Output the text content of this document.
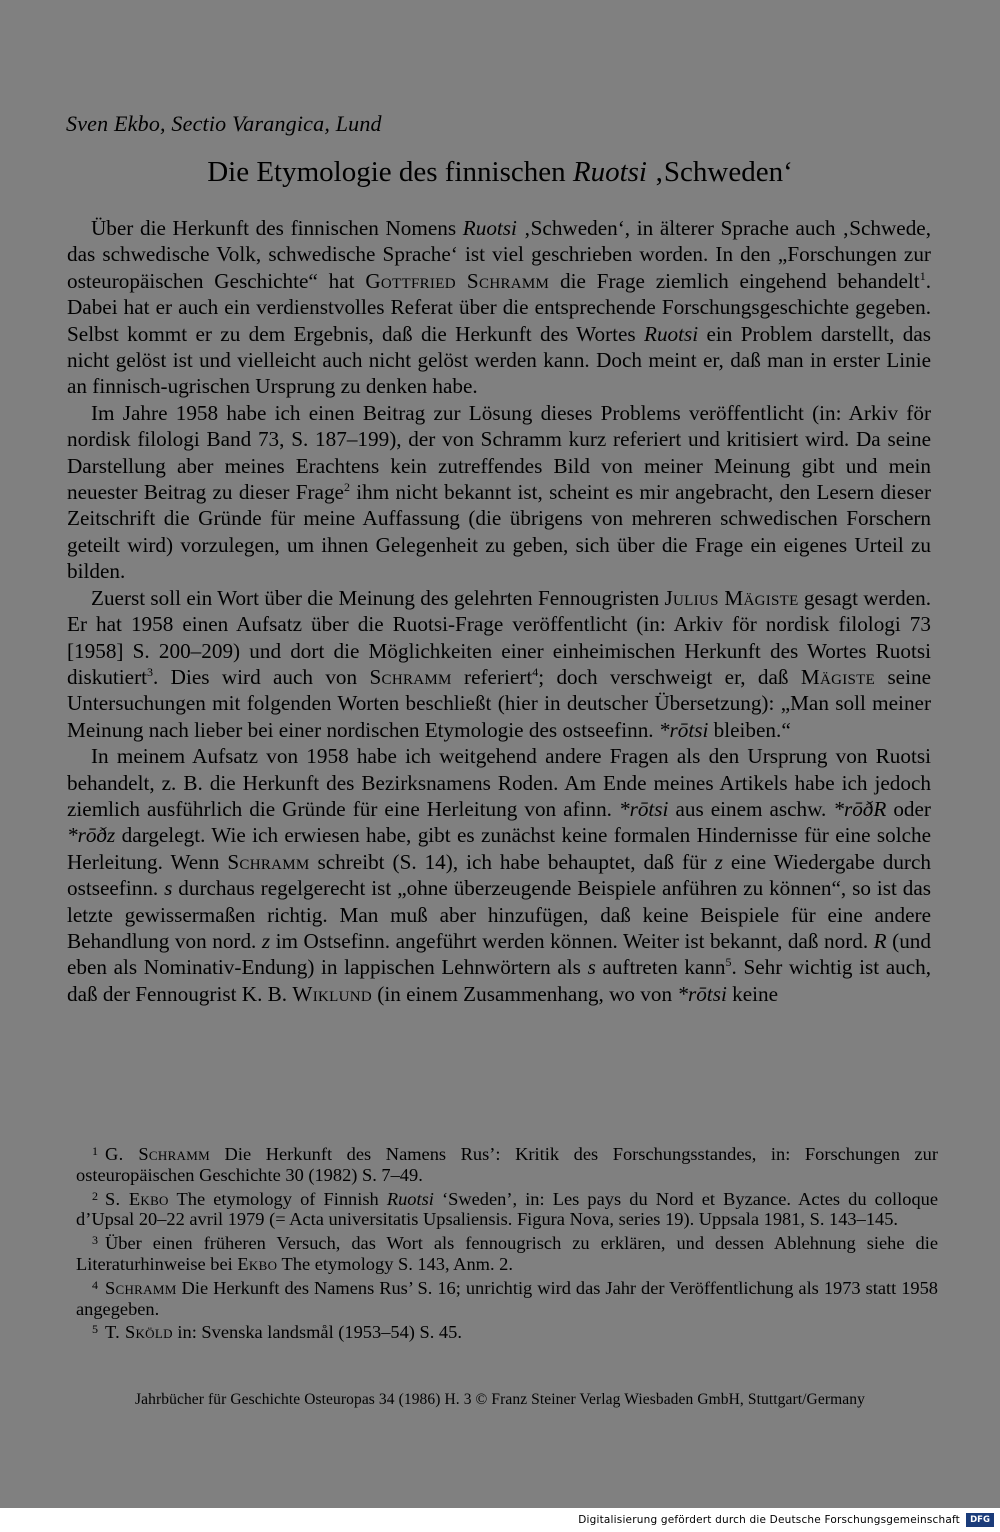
Sven Ekbo, Sectio Varangica, Lund
Die Etymologie des finnischen Ruotsi ‚Schweden‘

Über die Herkunft des finnischen Nomens Ruotsi ‚Schweden‘, in älterer Sprache auch ‚Schwede, das schwedische Volk, schwedische Sprache‘ ist viel geschrieben worden. In den „Forschungen zur osteuropäischen Geschichte“ hat Gottfried Schramm die Frage ziemlich eingehend behandelt$^1$. Dabei hat er auch ein verdienstvolles Referat über die entsprechende Forschungsgeschichte gegeben. Selbst kommt er zu dem Ergebnis, daß die Herkunft des Wortes Ruotsi ein Problem darstellt, das nicht gelöst ist und vielleicht auch nicht gelöst werden kann. Doch meint er, daß man in erster Linie an finnisch-ugrischen Ursprung zu denken habe.

Im Jahre 1958 habe ich einen Beitrag zur Lösung dieses Problems veröffentlicht (in: Arkiv för nordisk filologi Band 73, S. 187–199), der von Schramm kurz referiert und kritisiert wird. Da seine Darstellung aber meines Erachtens kein zutreffendes Bild von meiner Meinung gibt und mein neuester Beitrag zu dieser Frage$^2$ ihm nicht bekannt ist, scheint es mir angebracht, den Lesern dieser Zeitschrift die Gründe für meine Auffassung (die übrigens von mehreren schwedischen Forschern geteilt wird) vorzulegen, um ihnen Gelegenheit zu geben, sich über die Frage ein eigenes Urteil zu bilden.

Zuerst soll ein Wort über die Meinung des gelehrten Fennougristen Julius Mägiste gesagt werden. Er hat 1958 einen Aufsatz über die Ruotsi-Frage veröffentlicht (in: Arkiv för nordisk filologi 73 [1958] S. 200–209) und dort die Möglichkeiten einer einheimischen Herkunft des Wortes Ruotsi diskutiert$^3$. Dies wird auch von Schramm referiert$^4$; doch verschweigt er, daß Mägiste seine Untersuchungen mit folgenden Worten beschließt (hier in deutscher Übersetzung): „Man soll meiner Meinung nach lieber bei einer nordischen Etymologie des ostseefinn. *rōtsi bleiben.“

In meinem Aufsatz von 1958 habe ich weitgehend andere Fragen als den Ursprung von Ruotsi behandelt, z. B. die Herkunft des Bezirksnamens Roden. Am Ende meines Artikels habe ich jedoch ziemlich ausführlich die Gründe für eine Herleitung von afinn. *rōtsi aus einem aschw. *rōðR oder *rōðz dargelegt. Wie ich erwiesen habe, gibt es zunächst keine formalen Hindernisse für eine solche Herleitung. Wenn Schramm schreibt (S. 14), ich habe behauptet, daß für z eine Wiedergabe durch ostseefinn. s durchaus regelgerecht ist „ohne überzeugende Beispiele anführen zu können“, so ist das letzte gewissermaßen richtig. Man muß aber hinzufügen, daß keine Beispiele für eine andere Behandlung von nord. z im Ostsefinn. angeführt werden können. Weiter ist bekannt, daß nord. R (und eben als Nominativ-Endung) in lappischen Lehnwörtern als s auftreten kann$^5$. Sehr wichtig ist auch, daß der Fennougrist K. B. Wiklund (in einem Zusammenhang, wo von *rōtsi keine

$^1$ G. Schramm Die Herkunft des Namens Rus’: Kritik des Forschungsstandes, in: Forschungen zur osteuropäischen Geschichte 30 (1982) S. 7–49.

$^2$ S. Ekbo The etymology of Finnish Ruotsi ‘Sweden’, in: Les pays du Nord et Byzance. Actes du colloque d’Upsal 20–22 avril 1979 (= Acta universitatis Upsaliensis. Figura Nova, series 19). Uppsala 1981, S. 143–145.

$^3$ Über einen früheren Versuch, das Wort als fennougrisch zu erklären, und dessen Ablehnung siehe die Literaturhinweise bei Ekbo The etymology S. 143, Anm. 2.

$^4$ Schramm Die Herkunft des Namens Rus’ S. 16; unrichtig wird das Jahr der Veröffentlichung als 1973 statt 1958 angegeben.

$^5$ T. Sköld in: Svenska landsmål (1953–54) S. 45.

Jahrbücher für Geschichte Osteuropas 34 (1986) H. 3 © Franz Steiner Verlag Wiesbaden GmbH, Stuttgart/Germany
Digitalisierung gefördert durch die Deutsche Forschungsgemeinschaft	DFG
